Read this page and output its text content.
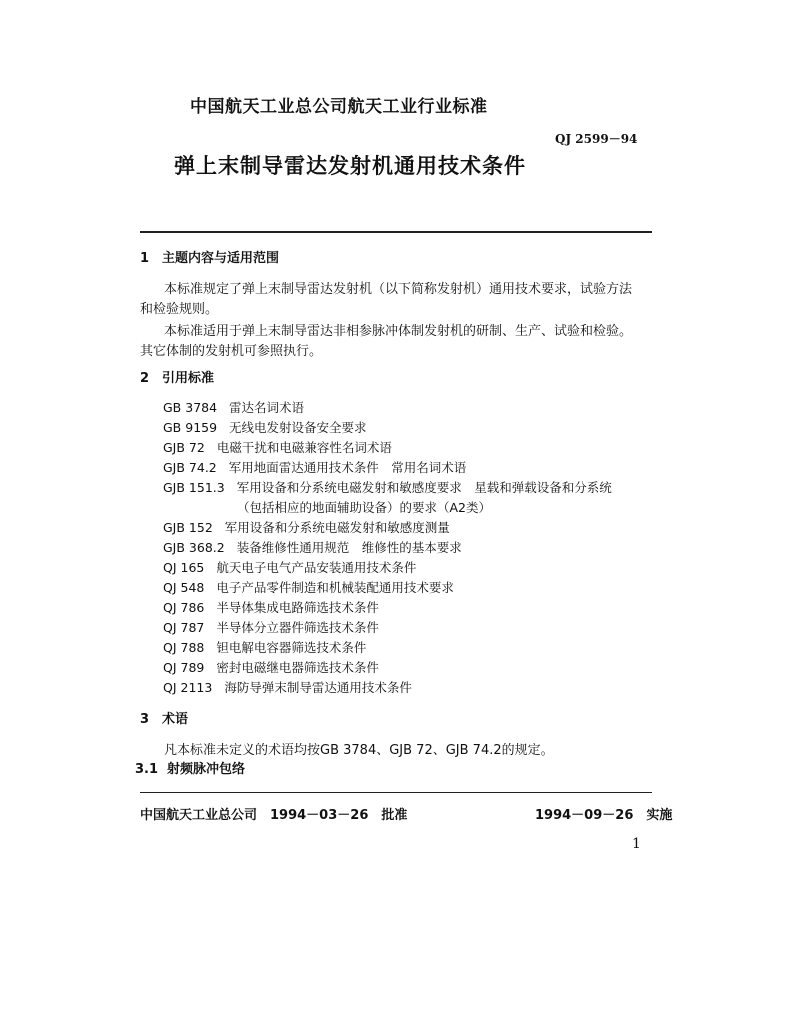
中国航天工业总公司航天工业行业标准
QJ 2599－94
弹上末制导雷达发射机通用技术条件
1 主题内容与适用范围
本标准规定了弹上末制导雷达发射机（以下简称发射机）通用技术要求，试验方法
和检验规则。
本标准适用于弹上末制导雷达非相参脉冲体制发射机的研制、生产、试验和检验。
其它体制的发射机可参照执行。
2 引用标准
GB 3784 雷达名词术语
GB 9159 无线电发射设备安全要求
GJB 72 电磁干扰和电磁兼容性名词术语
GJB 74.2 军用地面雷达通用技术条件　常用名词术语
GJB 151.3 军用设备和分系统电磁发射和敏感度要求　星载和弹载设备和分系统
（包括相应的地面辅助设备）的要求（A2类）
GJB 152 军用设备和分系统电磁发射和敏感度测量
GJB 368.2 装备维修性通用规范　维修性的基本要求
QJ 165 航天电子电气产品安装通用技术条件
QJ 548 电子产品零件制造和机械装配通用技术要求
QJ 786 半导体集成电路筛选技术条件
QJ 787 半导体分立器件筛选技术条件
QJ 788 钽电解电容器筛选技术条件
QJ 789 密封电磁继电器筛选技术条件
QJ 2113 海防导弹末制导雷达通用技术条件
3 术语
凡本标准未定义的术语均按GB 3784、GJB 72、GJB 74.2的规定。
3.1 射频脉冲包络
中国航天工业总公司　1994－03－26　批准	1994－09－26　实施
1
